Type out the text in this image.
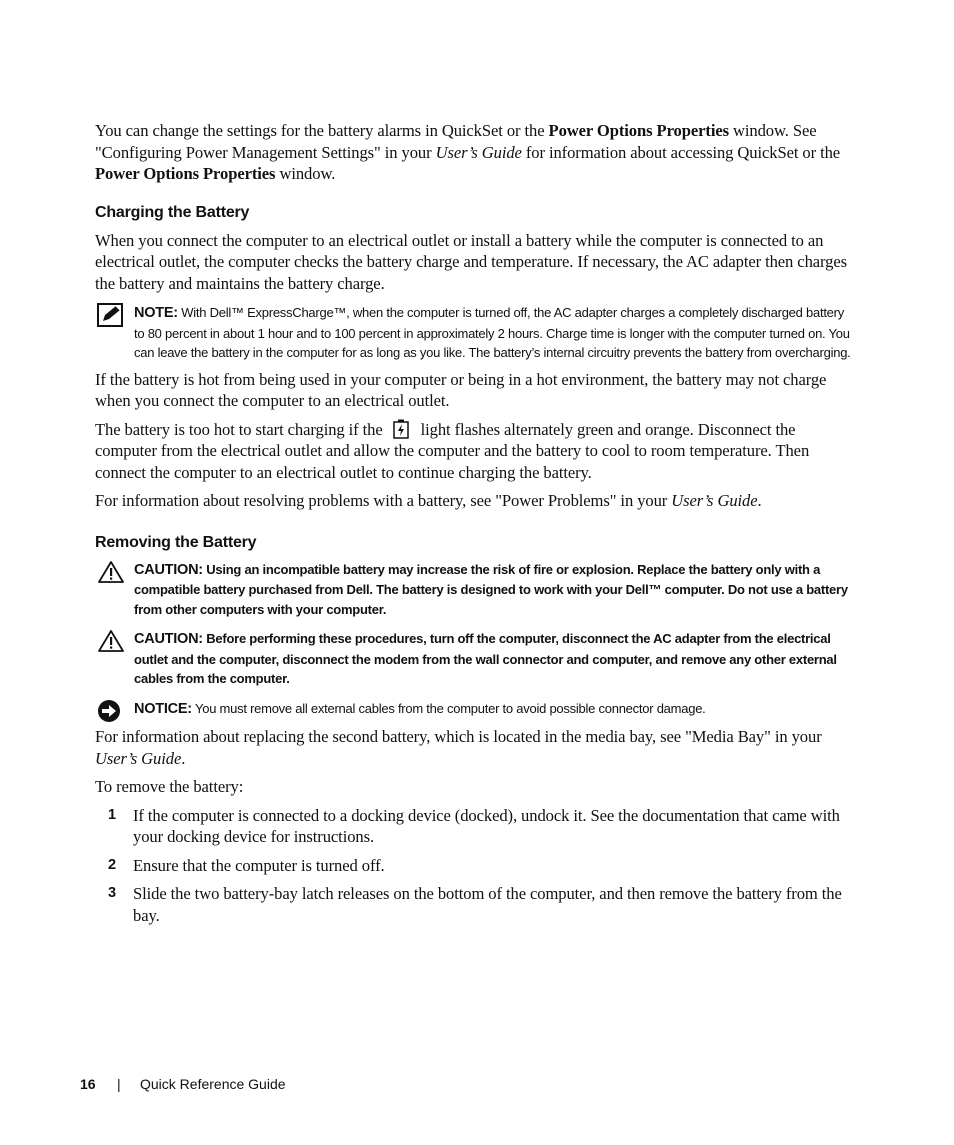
You can change the settings for the battery alarms in QuickSet or the Power Options Properties window. See "Configuring Power Management Settings" in your User’s Guide for information about accessing QuickSet or the Power Options Properties window.

Charging the Battery

When you connect the computer to an electrical outlet or install a battery while the computer is connected to an electrical outlet, the computer checks the battery charge and temperature. If necessary, the AC adapter then charges the battery and maintains the battery charge.

NOTE: With Dell™ ExpressCharge™, when the computer is turned off, the AC adapter charges a completely discharged battery to 80 percent in about 1 hour and to 100 percent in approximately 2 hours. Charge time is longer with the computer turned on. You can leave the battery in the computer for as long as you like. The battery’s internal circuitry prevents the battery from overcharging.

If the battery is hot from being used in your computer or being in a hot environment, the battery may not charge when you connect the computer to an electrical outlet.

The battery is too hot to start charging if the light flashes alternately green and orange. Disconnect the computer from the electrical outlet and allow the computer and the battery to cool to room temperature. Then connect the computer to an electrical outlet to continue charging the battery.

For information about resolving problems with a battery, see "Power Problems" in your User’s Guide.

Removing the Battery
CAUTION: Using an incompatible battery may increase the risk of fire or explosion. Replace the battery only with a compatible battery purchased from Dell. The battery is designed to work with your Dell™ computer. Do not use a battery from other computers with your computer.
CAUTION: Before performing these procedures, turn off the computer, disconnect the AC adapter from the electrical outlet and the computer, disconnect the modem from the wall connector and computer, and remove any other external cables from the computer.
NOTICE: You must remove all external cables from the computer to avoid possible connector damage.

For information about replacing the second battery, which is located in the media bay, see "Media Bay" in your User’s Guide.

To remove the battery:

1 If the computer is connected to a docking device (docked), undock it. See the documentation that came with your docking device for instructions.
2 Ensure that the computer is turned off.
3 Slide the two battery-bay latch releases on the bottom of the computer, and then remove the battery from the bay.
16 | Quick Reference Guide
